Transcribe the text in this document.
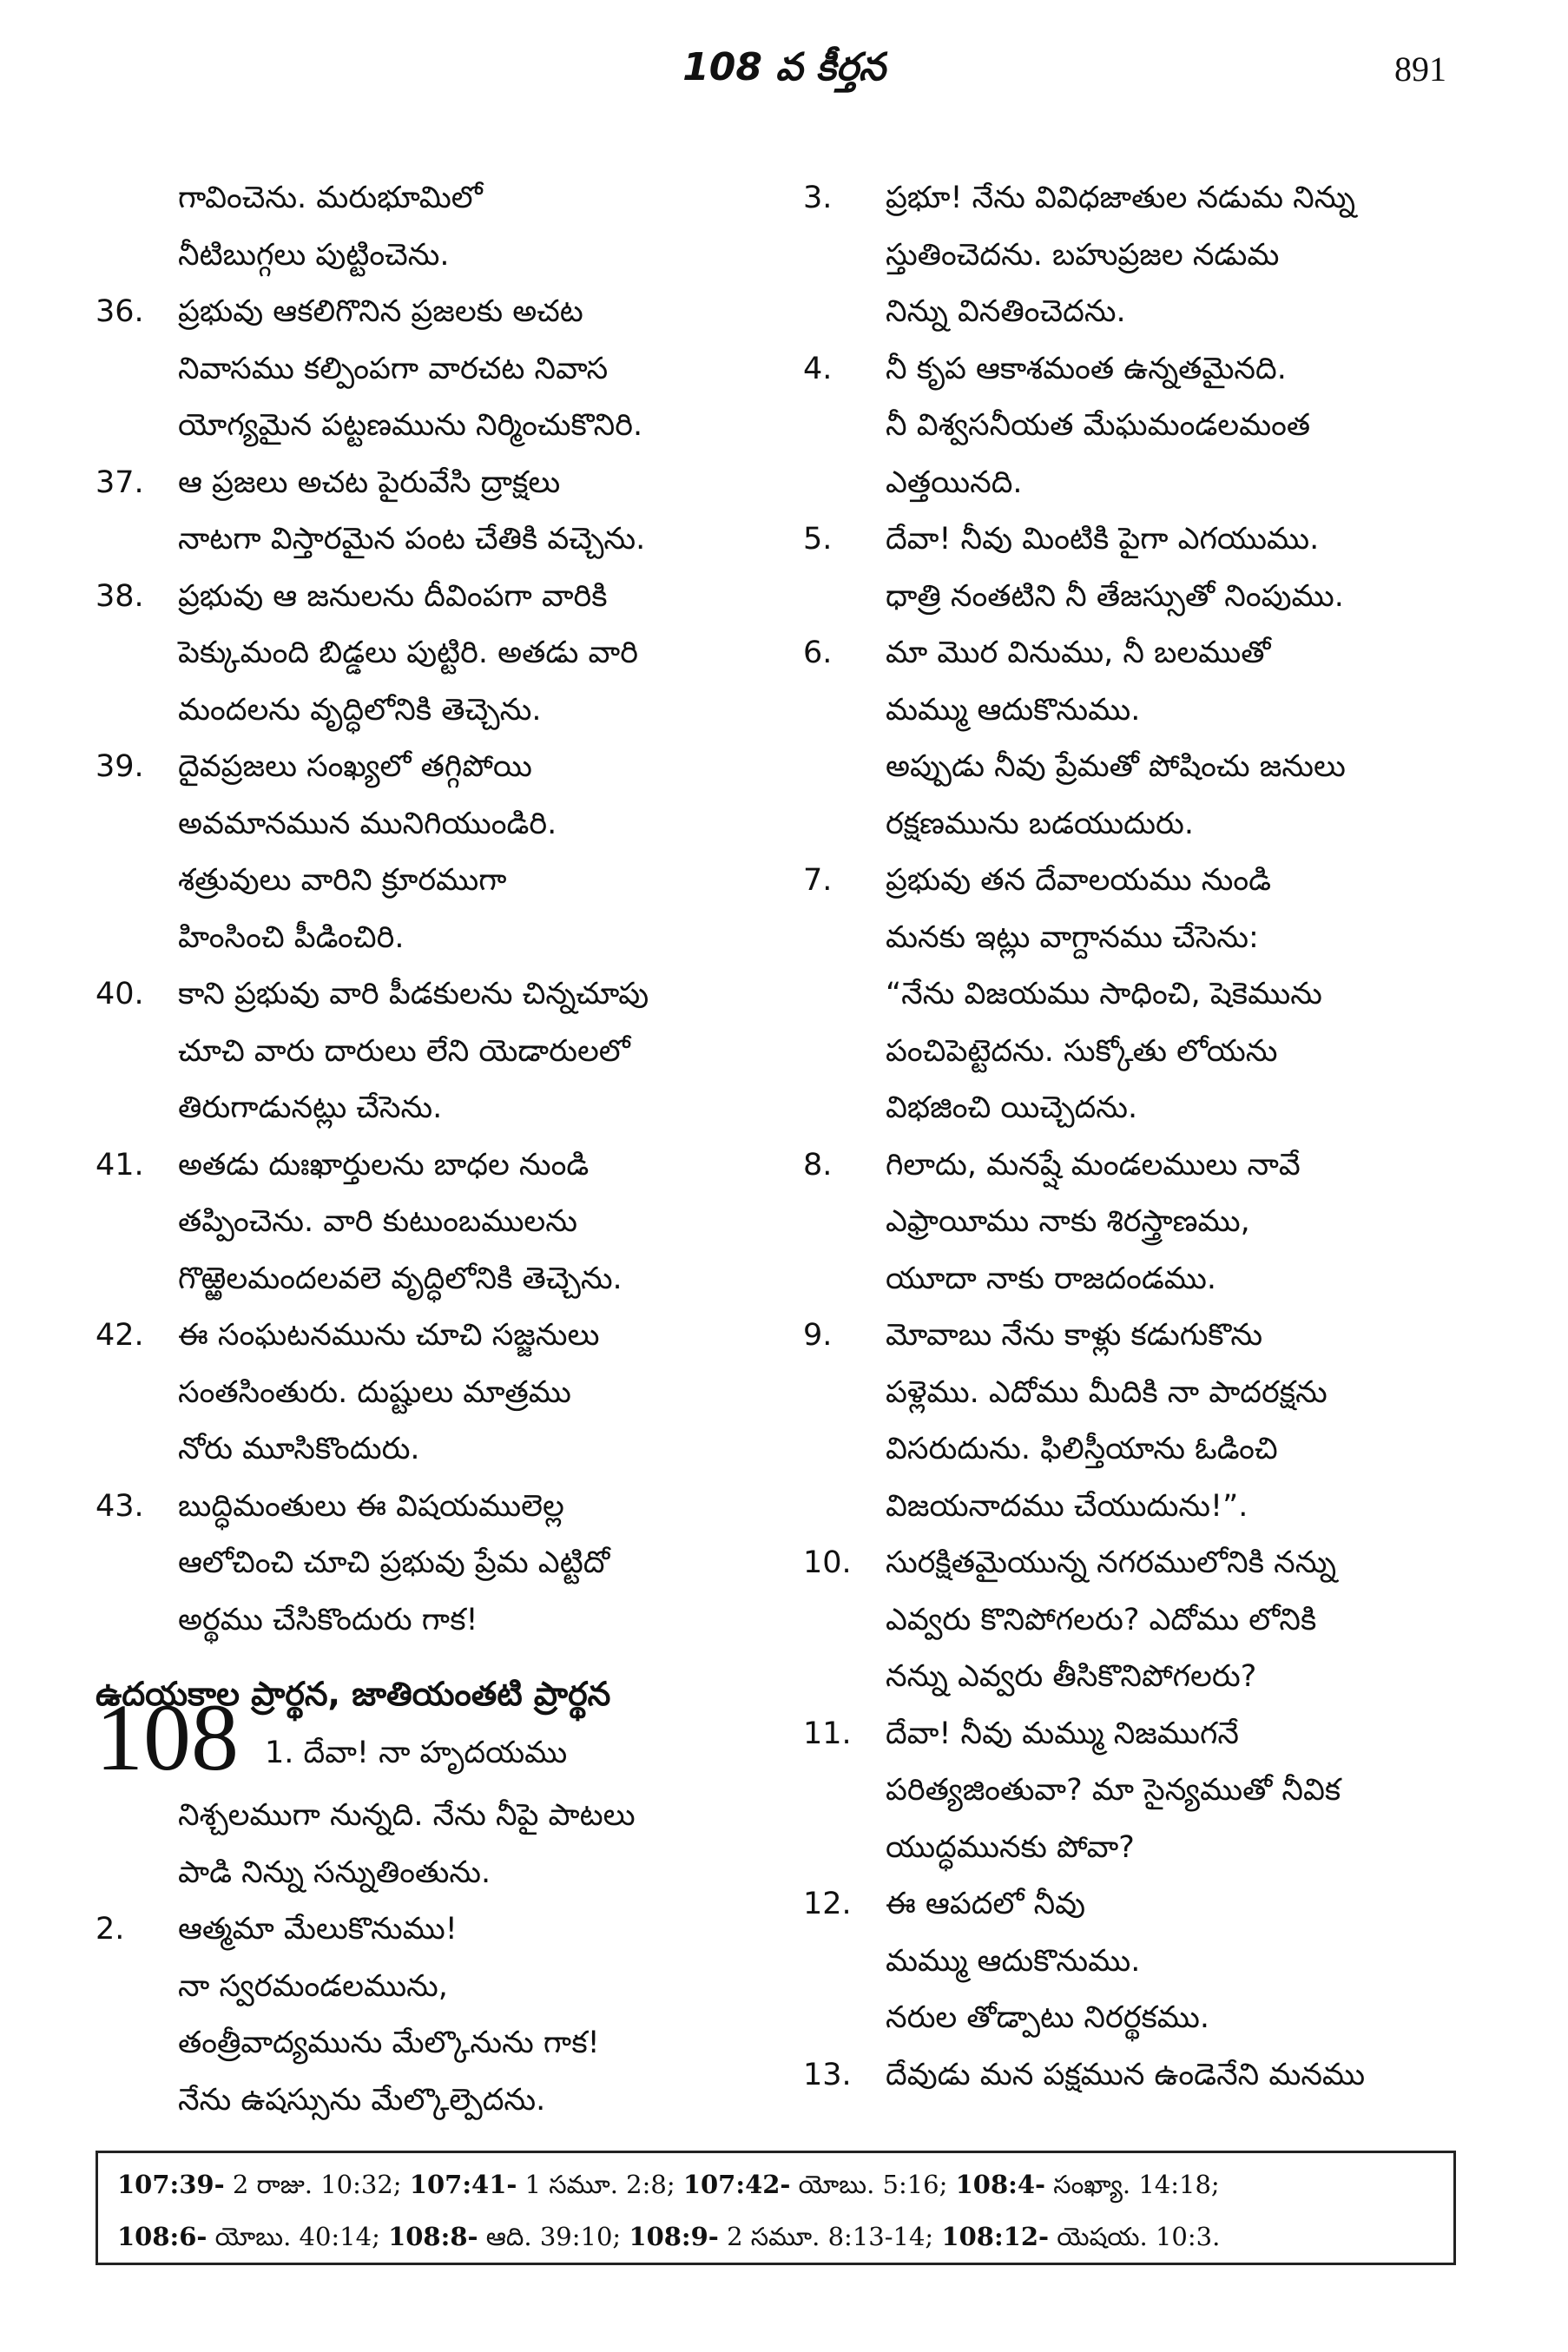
108 వ కీర్తన	891
గావించెను. మరుభూమిలో
నీటిబుగ్గలు పుట్టించెను.
36.	ప్రభువు ఆకలిగొనిన ప్రజలకు అచట
నివాసము కల్పింపగా వారచట నివాస
యోగ్యమైన పట్టణమును నిర్మించుకొనిరి.
37.	ఆ ప్రజలు అచట పైరువేసి ద్రాక్షలు
నాటగా విస్తారమైన పంట చేతికి వచ్చెను.
38.	ప్రభువు ఆ జనులను దీవింపగా వారికి
పెక్కుమంది బిడ్డలు పుట్టిరి. అతడు వారి
మందలను వృద్ధిలోనికి తెచ్చెను.
39.	దైవప్రజలు సంఖ్యలో తగ్గిపోయి
అవమానమున మునిగియుండిరి.
శత్రువులు వారిని క్రూరముగా
హింసించి పీడించిరి.
40.	కాని ప్రభువు వారి పీడకులను చిన్నచూపు
చూచి వారు దారులు లేని యెడారులలో
తిరుగాడునట్లు చేసెను.
41.	అతడు దుఃఖార్తులను బాధల నుండి
తప్పించెను. వారి కుటుంబములను
గొఱ్ఱెలమందలవలె వృద్ధిలోనికి తెచ్చెను.
42.	ఈ సంఘటనమును చూచి సజ్జనులు
సంతసింతురు. దుష్టులు మాత్రము
నోరు మూసికొందురు.
43.	బుద్ధిమంతులు ఈ విషయములెల్ల
ఆలోచించి చూచి ప్రభువు ప్రేమ ఎట్టిదో
అర్థము చేసికొందురు గాక!
ఉదయకాల ప్రార్థన, జాతియంతటి ప్రార్థన
108 1. దేవా! నా హృదయము
నిశ్చలముగా నున్నది. నేను నీపై పాటలు
పాడి నిన్ను సన్నుతింతును.
2.	ఆత్మమా మేలుకొనుము!
నా స్వరమండలమును,
తంత్రీవాద్యమును మేల్కొనును గాక!
నేను ఉషస్సును మేల్కొల్పెదను.
3.	ప్రభూ! నేను వివిధజాతుల నడుమ నిన్ను
స్తుతించెదను. బహుప్రజల నడుమ
నిన్ను వినతించెదను.
4.	నీ కృప ఆకాశమంత ఉన్నతమైనది.
నీ విశ్వసనీయత మేఘమండలమంత
ఎత్తయినది.
5.	దేవా! నీవు మింటికి పైగా ఎగయుము.
ధాత్రి నంతటిని నీ తేజస్సుతో నింపుము.
6.	మా మొర వినుము, నీ బలముతో
మమ్ము ఆదుకొనుము.
అప్పుడు నీవు ప్రేమతో పోషించు జనులు
రక్షణమును బడయుదురు.
7.	ప్రభువు తన దేవాలయము నుండి
మనకు ఇట్లు వాగ్దానము చేసెను:
“నేను విజయము సాధించి, షెకెమును
పంచిపెట్టెదను. సుక్కోతు లోయను
విభజించి యిచ్చెదను.
8.	గిలాదు, మనష్షే మండలములు నావే
ఎఫ్రాయీము నాకు శిరస్త్రాణము,
యూదా నాకు రాజదండము.
9.	మోవాబు నేను కాళ్లు కడుగుకొను
పళ్లెము. ఎదోము మీదికి నా పాదరక్షను
విసరుదును. ఫిలిస్తీయాను ఓడించి
విజయనాదము చేయుదును!”.
10.	సురక్షితమైయున్న నగరములోనికి నన్ను
ఎవ్వరు కొనిపోగలరు? ఎదోము లోనికి
నన్ను ఎవ్వరు తీసికొనిపోగలరు?
11.	దేవా! నీవు మమ్ము నిజముగనే
పరిత్యజింతువా? మా సైన్యముతో నీవిక
యుద్ధమునకు పోవా?
12.	ఈ ఆపదలో నీవు
మమ్ము ఆదుకొనుము.
నరుల తోడ్పాటు నిరర్థకము.
13.	దేవుడు మన పక్షమున ఉండెనేని మనము
107:39- 2 రాజు. 10:32; 107:41- 1 సమూ. 2:8; 107:42- యోబు. 5:16; 108:4- సంఖ్యా. 14:18;
108:6- యోబు. 40:14; 108:8- ఆది. 39:10; 108:9- 2 సమూ. 8:13-14; 108:12- యెషయ. 10:3.
